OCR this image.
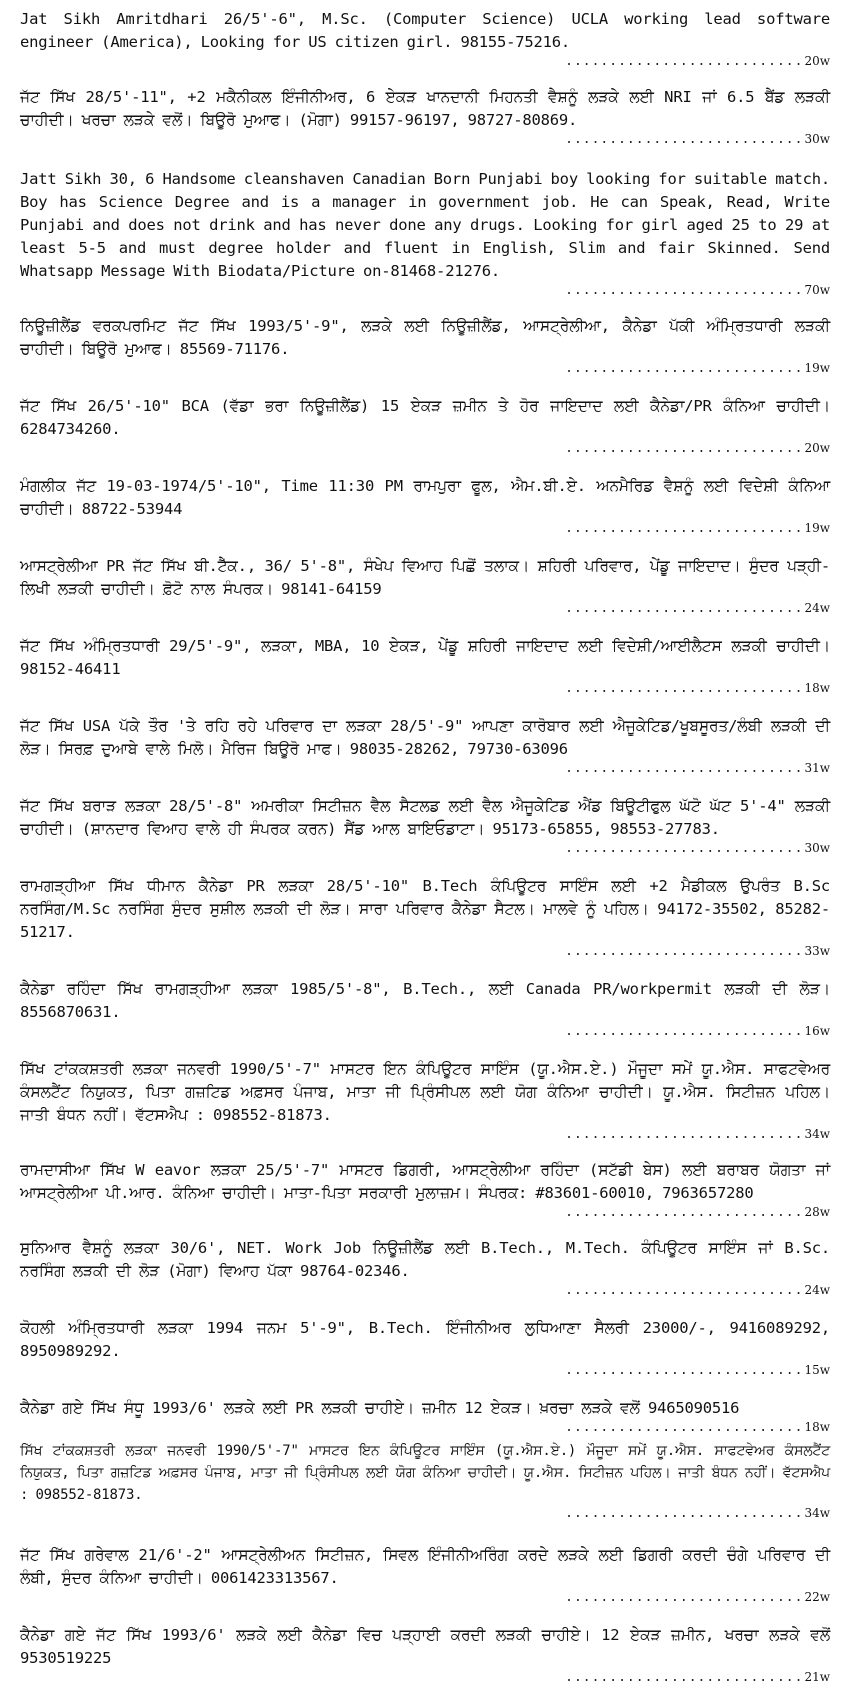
Jat Sikh Amritdhari 26/5'-6", M.Sc. (Computer Science) UCLA working lead software engineer (America), Looking for US citizen girl. 98155-75216.
........................... 20w
ਜੱਟ ਸਿੱਖ 28/5'-11", +2 ਮਕੈਨੀਕਲ ਇੰਜੀਨੀਅਰ, 6 ਏਕੜ ਖਾਨਦਾਨੀ ਮਿਹਨਤੀ ਵੈਸ਼ਨੂੰ ਲੜਕੇ ਲਈ NRI ਜਾਂ 6.5 ਬੈਂਡ ਲੜਕੀ ਚਾਹੀਦੀ। ਖਰਚਾ ਲੜਕੇ ਵਲੋਂ। ਬਿਊਰੋ ਮੁਆਫ। (ਮੋਗਾ) 99157-96197, 98727-80869.
........................... 30w
Jatt Sikh 30, 6 Handsome cleanshaven Canadian Born Punjabi boy looking for suitable match. Boy has Science Degree and is a manager in government job. He can Speak, Read, Write Punjabi and does not drink and has never done any drugs. Looking for girl aged 25 to 29 at least 5-5 and must degree holder and fluent in English, Slim and fair Skinned. Send Whatsapp Message With Biodata/Picture on-81468-21276.
........................... 70w
ਨਿਊਜ਼ੀਲੈਂਡ ਵਰਕਪਰਮਿਟ ਜੱਟ ਸਿੱਖ 1993/5'-9", ਲੜਕੇ ਲਈ ਨਿਊਜ਼ੀਲੈਂਡ, ਆਸਟ੍ਰੇਲੀਆ, ਕੈਨੇਡਾ ਪੱਕੀ ਅੰਮ੍ਰਿਤਧਾਰੀ ਲੜਕੀ ਚਾਹੀਦੀ। ਬਿਊਰੋ ਮੁਆਫ। 85569-71176.
........................... 19w
ਜੱਟ ਸਿੱਖ 26/5'-10" BCA (ਵੱਡਾ ਭਰਾ ਨਿਊਜ਼ੀਲੈਂਡ) 15 ਏਕੜ ਜ਼ਮੀਨ ਤੇ ਹੋਰ ਜਾਇਦਾਦ ਲਈ ਕੈਨੇਡਾ/PR ਕੰਨਿਆ ਚਾਹੀਦੀ। 6284734260.
........................... 20w
ਮੰਗਲੀਕ ਜੱਟ 19-03-1974/5'-10", Time 11:30 PM ਰਾਮਪੁਰਾ ਫੂਲ, ਐਮ.ਬੀ.ਏ. ਅਨਮੈਰਿਡ ਵੈਸ਼ਨੂੰ ਲਈ ਵਿਦੇਸ਼ੀ ਕੰਨਿਆ ਚਾਹੀਦੀ। 88722-53944
........................... 19w
ਆਸਟ੍ਰੇਲੀਆ PR ਜੱਟ ਸਿੱਖ ਬੀ.ਟੈੱਕ., 36/ 5'-8", ਸੰਖੇਪ ਵਿਆਹ ਪਿਛੋਂ ਤਲਾਕ। ਸ਼ਹਿਰੀ ਪਰਿਵਾਰ, ਪੇਂਡੂ ਜਾਇਦਾਦ। ਸੁੰਦਰ ਪੜ੍ਹੀ-ਲਿਖੀ ਲੜਕੀ ਚਾਹੀਦੀ। ਫ਼ੋਟੋ ਨਾਲ ਸੰਪਰਕ। 98141-64159
........................... 24w
ਜੱਟ ਸਿੱਖ ਅੰਮ੍ਰਿਤਧਾਰੀ 29/5'-9", ਲੜਕਾ, MBA, 10 ਏਕੜ, ਪੇਂਡੂ ਸ਼ਹਿਰੀ ਜਾਇਦਾਦ ਲਈ ਵਿਦੇਸ਼ੀ/ਆਈਲੈਟਸ ਲੜਕੀ ਚਾਹੀਦੀ। 98152-46411
........................... 18w
ਜੱਟ ਸਿੱਖ USA ਪੱਕੇ ਤੌਰ 'ਤੇ ਰਹਿ ਰਹੇ ਪਰਿਵਾਰ ਦਾ ਲੜਕਾ 28/5'-9" ਆਪਣਾ ਕਾਰੋਬਾਰ ਲਈ ਐਜੂਕੇਟਿਡ/ਖੂਬਸੂਰਤ/ਲੰਬੀ ਲੜਕੀ ਦੀ ਲੋੜ। ਸਿਰਫ਼ ਦੁਆਬੇ ਵਾਲੇ ਮਿਲੋ। ਮੈਰਿਜ ਬਿਊਰੋ ਮਾਫ। 98035-28262, 79730-63096
........................... 31w
ਜੱਟ ਸਿੱਖ ਬਰਾੜ ਲੜਕਾ 28/5'-8" ਅਮਰੀਕਾ ਸਿਟੀਜ਼ਨ ਵੈਲ ਸੈਟਲਡ ਲਈ ਵੈਲ ਐਜੂਕੇਟਿਡ ਐਂਡ ਬਿਊਟੀਫੁਲ ਘੱਟੋ ਘੱਟ 5'-4" ਲੜਕੀ ਚਾਹੀਦੀ। (ਸ਼ਾਨਦਾਰ ਵਿਆਹ ਵਾਲੇ ਹੀ ਸੰਪਰਕ ਕਰਨ) ਸੈਂਡ ਆਲ ਬਾਇਓਡਾਟਾ। 95173-65855, 98553-27783.
........................... 30w
ਰਾਮਗੜ੍ਹੀਆ ਸਿੱਖ ਧੀਮਾਨ ਕੈਨੇਡਾ PR ਲੜਕਾ 28/5'-10" B.Tech ਕੰਪਿਊਟਰ ਸਾਇੰਸ ਲਈ +2 ਮੈਡੀਕਲ ਉਪਰੰਤ B.Sc ਨਰਸਿੰਗ/M.Sc ਨਰਸਿੰਗ ਸੁੰਦਰ ਸੁਸ਼ੀਲ ਲੜਕੀ ਦੀ ਲੋੜ। ਸਾਰਾ ਪਰਿਵਾਰ ਕੈਨੇਡਾ ਸੈਟਲ। ਮਾਲਵੇ ਨੂੰ ਪਹਿਲ। 94172-35502, 85282-51217.
........................... 33w
ਕੈਨੇਡਾ ਰਹਿੰਦਾ ਸਿੱਖ ਰਾਮਗੜ੍ਹੀਆ ਲੜਕਾ 1985/5'-8", B.Tech., ਲਈ Canada PR/workpermit ਲੜਕੀ ਦੀ ਲੋੜ। 8556870631.
........................... 16w
ਸਿੱਖ ਟਾਂਕਕਸ਼ਤਰੀ ਲੜਕਾ ਜਨਵਰੀ 1990/5'-7" ਮਾਸਟਰ ਇਨ ਕੰਪਿਊਟਰ ਸਾਇੰਸ (ਯੂ.ਐਸ.ਏ.) ਮੌਜੂਦਾ ਸਮੇਂ ਯੂ.ਐਸ. ਸਾਫਟਵੇਅਰ ਕੰਸਲਟੈਂਟ ਨਿਯੁਕਤ, ਪਿਤਾ ਗਜ਼ਟਿਡ ਅਫ਼ਸਰ ਪੰਜਾਬ, ਮਾਤਾ ਜੀ ਪ੍ਰਿੰਸੀਪਲ ਲਈ ਯੋਗ ਕੰਨਿਆ ਚਾਹੀਦੀ। ਯੂ.ਐਸ. ਸਿਟੀਜ਼ਨ ਪਹਿਲ। ਜਾਤੀ ਬੰਧਨ ਨਹੀਂ। ਵੱਟਸਐਪ : 098552-81873.
........................... 34w
ਰਾਮਦਾਸੀਆ ਸਿੱਖ W eavor ਲੜਕਾ 25/5'-7" ਮਾਸਟਰ ਡਿਗਰੀ, ਆਸਟ੍ਰੇਲੀਆ ਰਹਿੰਦਾ (ਸਟੱਡੀ ਬੇਸ) ਲਈ ਬਰਾਬਰ ਯੋਗਤਾ ਜਾਂ ਆਸਟ੍ਰੇਲੀਆ ਪੀ.ਆਰ. ਕੰਨਿਆ ਚਾਹੀਦੀ। ਮਾਤਾ-ਪਿਤਾ ਸਰਕਾਰੀ ਮੁਲਾਜ਼ਮ। ਸੰਪਰਕ: #83601-60010, 7963657280
........................... 28w
ਸੁਨਿਆਰ ਵੈਸ਼ਨੂੰ ਲੜਕਾ 30/6', NET. Work Job ਨਿਊਜ਼ੀਲੈਂਡ ਲਈ B.Tech., M.Tech. ਕੰਪਿਊਟਰ ਸਾਇੰਸ ਜਾਂ B.Sc. ਨਰਸਿੰਗ ਲੜਕੀ ਦੀ ਲੋੜ (ਮੋਗਾ) ਵਿਆਹ ਪੱਕਾ 98764-02346.
........................... 24w
ਕੋਹਲੀ ਅੰਮ੍ਰਿਤਧਾਰੀ ਲੜਕਾ 1994 ਜਨਮ 5'-9", B.Tech. ਇੰਜੀਨੀਅਰ ਲੁਧਿਆਣਾ ਸੈਲਰੀ 23000/-, 9416089292, 8950989292.
........................... 15w
ਕੈਨੇਡਾ ਗਏ ਸਿੱਖ ਸੰਧੂ 1993/6' ਲੜਕੇ ਲਈ PR ਲੜਕੀ ਚਾਹੀਏ। ਜ਼ਮੀਨ 12 ਏਕੜ। ਖ਼ਰਚਾ ਲੜਕੇ ਵਲੋਂ 9465090516
........................... 18w
ਸਿੱਖ ਟਾਂਕਕਸ਼ਤਰੀ ਲੜਕਾ ਜਨਵਰੀ 1990/5'-7" ਮਾਸਟਰ ਇਨ ਕੰਪਿਊਟਰ ਸਾਇੰਸ (ਯੂ.ਐਸ.ਏ.) ਮੌਜੂਦਾ ਸਮੇਂ ਯੂ.ਐਸ. ਸਾਫਟਵੇਅਰ ਕੰਸਲਟੈਂਟ ਨਿਯੁਕਤ, ਪਿਤਾ ਗਜ਼ਟਿਡ ਅਫ਼ਸਰ ਪੰਜਾਬ, ਮਾਤਾ ਜੀ ਪ੍ਰਿੰਸੀਪਲ ਲਈ ਯੋਗ ਕੰਨਿਆ ਚਾਹੀਦੀ। ਯੂ.ਐਸ. ਸਿਟੀਜ਼ਨ ਪਹਿਲ। ਜਾਤੀ ਬੰਧਨ ਨਹੀਂ। ਵੱਟਸਐਪ : 098552-81873.
........................... 34w
ਜੱਟ ਸਿੱਖ ਗਰੇਵਾਲ 21/6'-2" ਆਸਟ੍ਰੇਲੀਅਨ ਸਿਟੀਜ਼ਨ, ਸਿਵਲ ਇੰਜੀਨੀਅਰਿੰਗ ਕਰਦੇ ਲੜਕੇ ਲਈ ਡਿਗਰੀ ਕਰਦੀ ਚੰਗੇ ਪਰਿਵਾਰ ਦੀ ਲੰਬੀ, ਸੁੰਦਰ ਕੰਨਿਆ ਚਾਹੀਦੀ। 0061423313567.
........................... 22w
ਕੈਨੇਡਾ ਗਏ ਜੱਟ ਸਿੱਖ 1993/6' ਲੜਕੇ ਲਈ ਕੈਨੇਡਾ ਵਿਚ ਪੜ੍ਹਾਈ ਕਰਦੀ ਲੜਕੀ ਚਾਹੀਏ। 12 ਏਕੜ ਜ਼ਮੀਨ, ਖਰਚਾ ਲੜਕੇ ਵਲੋਂ 9530519225
........................... 21w
